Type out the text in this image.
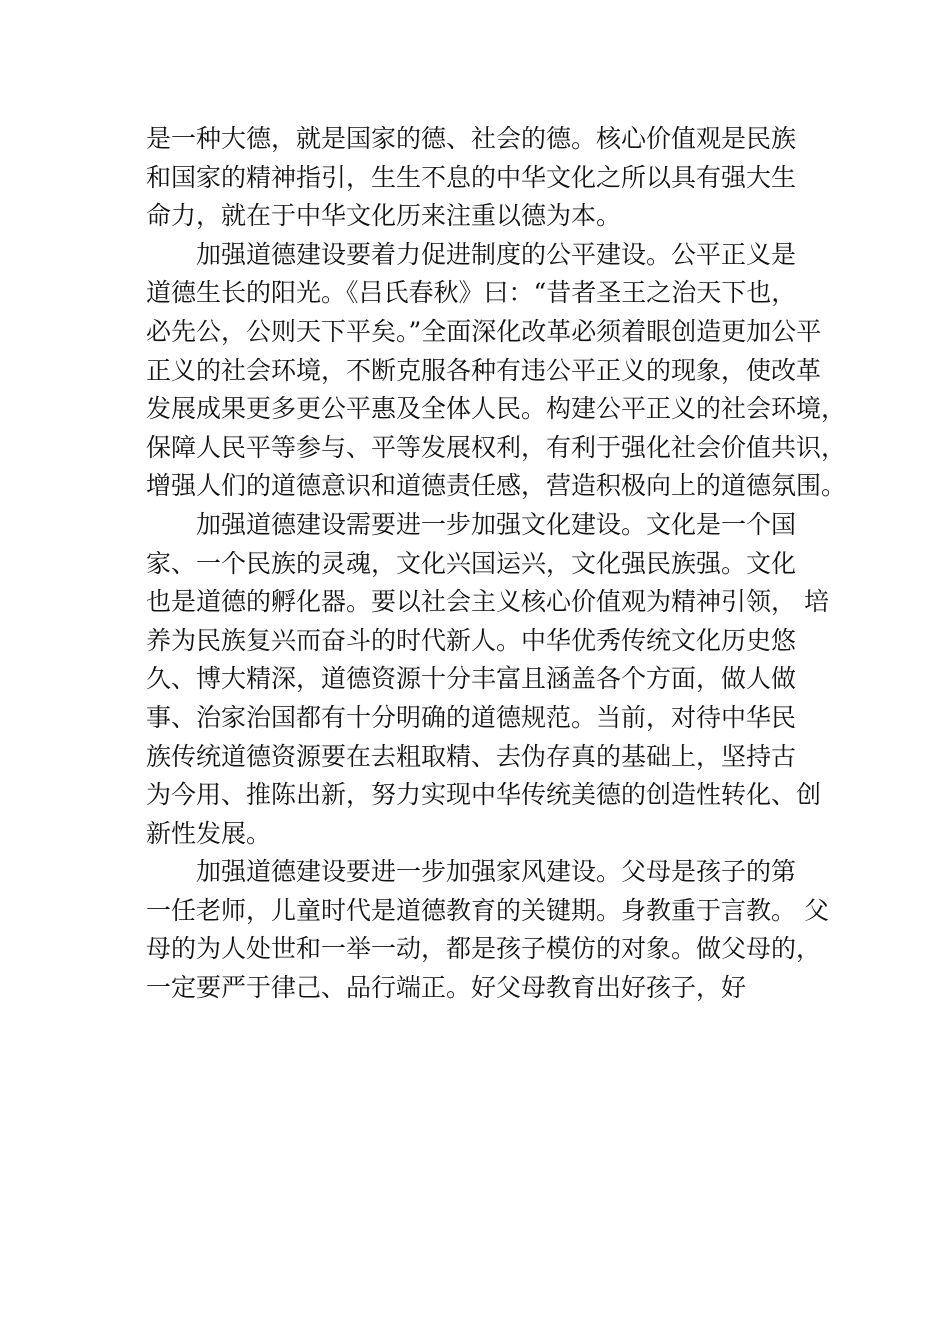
是一种大德，就是国家的德、社会的德。核心价值观是民族
和国家的精神指引，生生不息的中华文化之所以具有强大生
命力，就在于中华文化历来注重以德为本。
加强道德建设要着力促进制度的公平建设。公平正义是
道德生长的阳光。《吕氏春秋》曰：“昔者圣王之治天下也，
必先公，公则天下平矣。”全面深化改革必须着眼创造更加公平
正义的社会环境，不断克服各种有违公平正义的现象，使改革
发展成果更多更公平惠及全体人民。构建公平正义的社会环境，
保障人民平等参与、平等发展权利，有利于强化社会价值共识，
增强人们的道德意识和道德责任感，营造积极向上的道德氛围。
加强道德建设需要进一步加强文化建设。文化是一个国
家、一个民族的灵魂，文化兴国运兴，文化强民族强。文化
也是道德的孵化器。要以社会主义核心价值观为精神引领， 培
养为民族复兴而奋斗的时代新人。中华优秀传统文化历史悠
久、博大精深，道德资源十分丰富且涵盖各个方面，做人做
事、治家治国都有十分明确的道德规范。当前，对待中华民
族传统道德资源要在去粗取精、去伪存真的基础上，坚持古
为今用、推陈出新，努力实现中华传统美德的创造性转化、创
新性发展。
加强道德建设要进一步加强家风建设。父母是孩子的第
一任老师，儿童时代是道德教育的关键期。身教重于言教。 父
母的为人处世和一举一动，都是孩子模仿的对象。做父母的，
一定要严于律己、品行端正。好父母教育出好孩子，好
